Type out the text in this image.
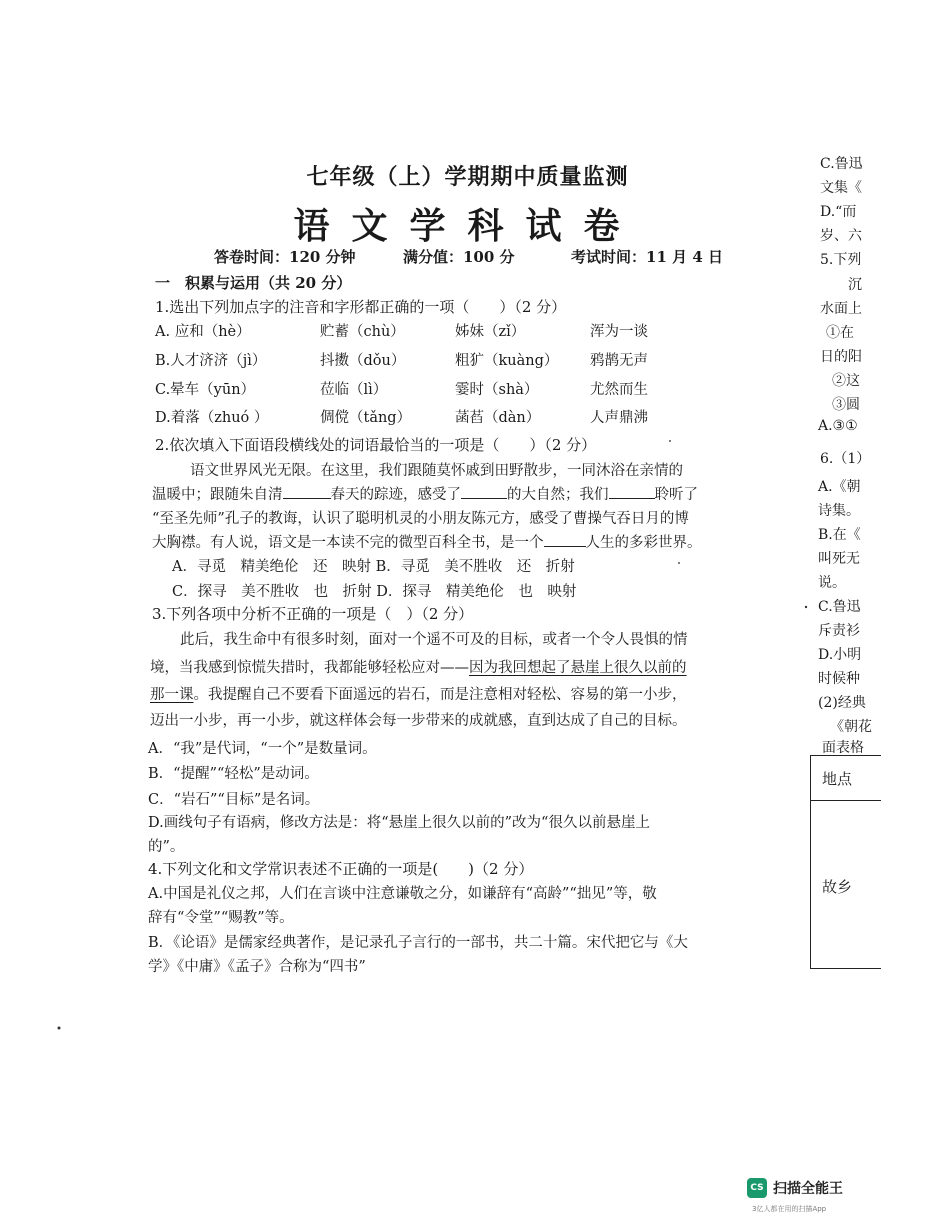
七年级（上）学期期中质量监测
语文学科试卷
答卷时间：120 分钟	满分值：100 分	考试时间：11 月 4 日
一　积累与运用（共 20 分）
1.选出下列加点字的注音和字形都正确的一项（　　）（2 分）
A. 应和（hè）	贮蓄（chù）	姊妹（zǐ）	浑为一谈
B.人才济济（jì）	抖擞（dǒu）	粗犷（kuàng） 鸦鹊无声
C.晕车（yūn）	莅临（lì）	霎时（shà）	尤然而生
D.着落（zhuó ）	倜傥（tǎng）	菡萏（dàn）	人声鼎沸
2.依次填入下面语段横线处的词语最恰当的一项是（　　）（2 分）
语文世界风光无限。在这里，我们跟随莫怀戚到田野散步，一同沐浴在亲情的
温暖中；跟随朱自清	春天的踪迹，感受了	的大自然；我们	聆听了
“至圣先师”孔子的教诲，认识了聪明机灵的小朋友陈元方，感受了曹操气吞日月的博
大胸襟。有人说，语文是一本读不完的微型百科全书，是一个	人生的多彩世界。
A．寻觅　精美绝伦　还　映射 B．寻觅　美不胜收　还　折射
C．探寻　美不胜收　也　折射 D．探寻　精美绝伦　也　映射
3.下列各项中分析不正确的一项是（　）（2 分）
此后，我生命中有很多时刻，面对一个遥不可及的目标，或者一个令人畏惧的情
境，当我感到惊慌失措时，我都能够轻松应对——因为我回想起了悬崖上很久以前的
那一课。我提醒自己不要看下面遥远的岩石，而是注意相对轻松、容易的第一小步，
迈出一小步，再一小步，就这样体会每一步带来的成就感，直到达成了自己的目标。
A．“我”是代词，“一个”是数量词。
B．“提醒”“轻松”是动词。
C．“岩石”“目标”是名词。
D.画线句子有语病，修改方法是：将“悬崖上很久以前的”改为“很久以前悬崖上
的”。
4.下列文化和文学常识表述不正确的一项是(　　)（2 分）
A.中国是礼仪之邦，人们在言谈中注意谦敬之分，如谦辞有“高龄”“拙见”等，敬
辞有“令堂”“赐教”等。
B．《论语》是儒家经典著作，是记录孔子言行的一部书，共二十篇。宋代把它与《大
学》《中庸》《孟子》合称为“四书”
C.鲁迅
文集《
D.“而
岁、六
5.下列
沉
水面上
①在
日的阳
②这
③圆
A.③①
6.（1）
A.《朝
诗集。
B.在《
叫死无
说。
C.鲁迅
斥责衫
D.小明
时候种
(2)经典
《朝花
面表格
地点
故乡
CS 扫描全能王
3亿人都在用的扫描App
